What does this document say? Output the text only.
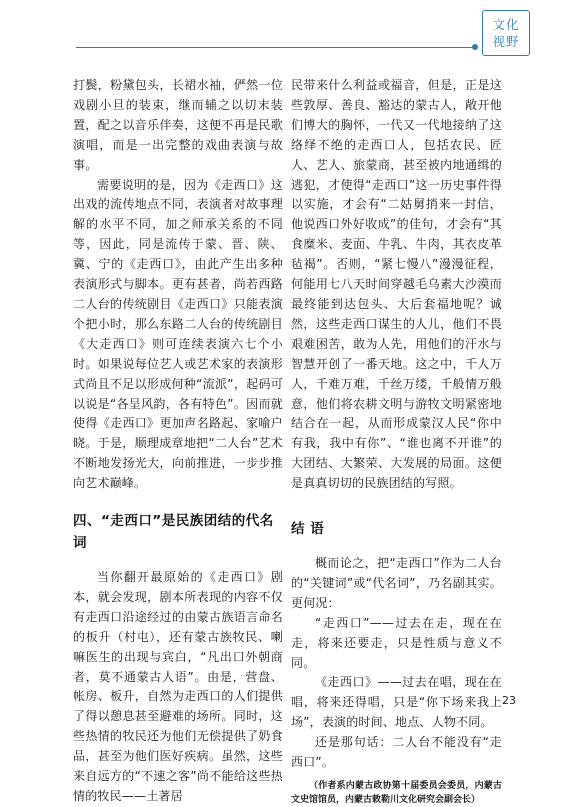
文化
视野

打鬓，粉黛包头，长裙水袖，俨然一位戏剧小旦的装束，继而辅之以切末装置，配之以音乐伴奏，这便不再是民歌演唱，而是一出完整的戏曲表演与故事。

需要说明的是，因为《走西口》这出戏的流传地点不同，表演者对故事理解的水平不同，加之师承关系的不同等，因此，同是流传于蒙、晋、陕、冀、宁的《走西口》，由此产生出多种表演形式与脚本。更有甚者，尚若西路二人台的传统剧目《走西口》只能表演个把小时，那么东路二人台的传统剧目《大走西口》则可连续表演六七个小时。如果说每位艺人或艺术家的表演形式尚且不足以形成何种“流派”，起码可以说是“各呈风韵，各有特色”。因而就使得《走西口》更加声名路起、家喻户晓。于是，顺理成章地把“二人台”艺术不断地发扬光大，向前推进，一步步推向艺术巅峰。

四、“走西口”是民族团结的代名词

当你翻开最原始的《走西口》剧本，就会发现，剧本所表现的内容不仅有走西口沿途经过的由蒙古族语言命名的板升（村屯），还有蒙古族牧民、喇嘛医生的出现与宾白，“凡出口外朝商者，莫不通蒙古人语”。由是，营盘、帐房、板升，自然为走西口的人们提供了得以憩息甚至避难的场所。同时，这些热情的牧民还为他们无偿提供了奶食品，甚至为他们医好疾病。虽然，这些来自远方的“不速之客”尚不能给这些热情的牧民——土著居

民带来什么利益或福音，但是，正是这些敦厚、善良、豁达的蒙古人，敞开他们博大的胸怀，一代又一代地接纳了这络绎不绝的走西口人，包括农民、匠人、艺人、旅蒙商，甚至被内地通缉的逃犯，才使得“走西口”这一历史事件得以实施，才会有“二姑舅捎来一封信，他说西口外好收成”的佳句，才会有“其食糜米、麦面、牛乳、牛肉，其衣皮革毡褐”。否则，“紧七慢八”漫漫征程，何能用七八天时间穿越毛乌素大沙漠而最终能到达包头、大后套福地呢？诚然，这些走西口谋生的人儿，他们不畏艰难困苦，敢为人先，用他们的汗水与智慧开创了一番天地。这之中，千人万人，千难万难，千丝万缕，千般情万般意，他们将农耕文明与游牧文明紧密地结合在一起，从而形成蒙汉人民“你中有我，我中有你”、“谁也离不开谁”的大团结、大繁荣、大发展的局面。这便是真真切切的民族团结的写照。

结 语

概而论之，把“走西口”作为二人台的“关键词”或“代名词”，乃名副其实。更何况：

“走西口”——过去在走，现在在走，将来还要走，只是性质与意义不同。

《走西口》——过去在唱，现在在唱，将来还得唱，只是“你下场来我上场”，表演的时间、地点、人物不同。

还是那句话：二人台不能没有“走西口”。

（作者系内蒙古政协第十届委员会委员，内蒙古文史馆馆员，内蒙古敕勒川文化研究会副会长）

23
